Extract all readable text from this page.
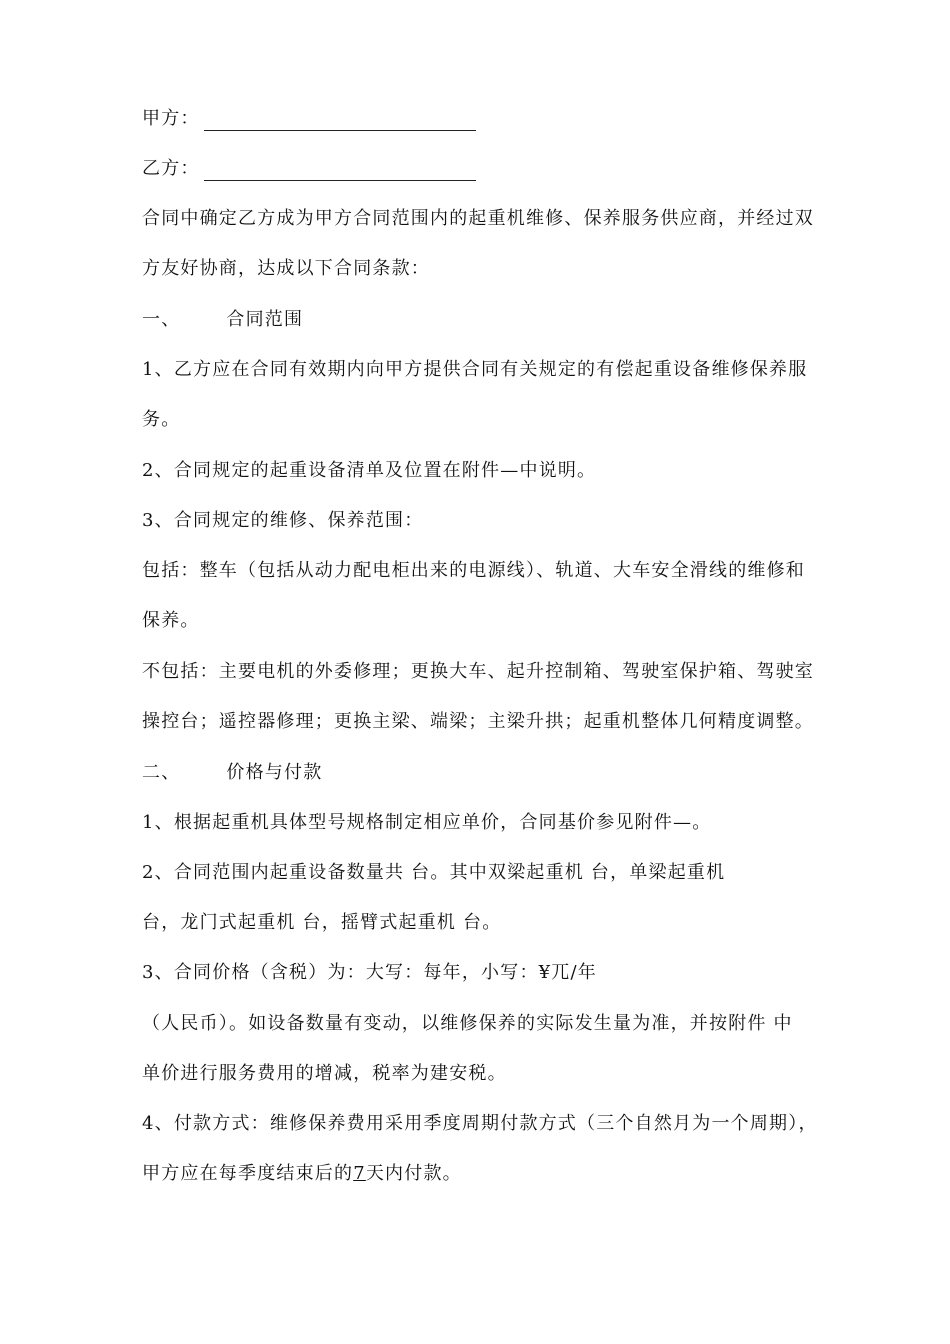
甲方：
乙方：
合同中确定乙方成为甲方合同范围内的起重机维修、保养服务供应商，并经过双
方友好协商，达成以下合同条款：
一、	合同范围
1、乙方应在合同有效期内向甲方提供合同有关规定的有偿起重设备维修保养服
务。
2、合同规定的起重设备清单及位置在附件—中说明。
3、合同规定的维修、保养范围：
包括：整车（包括从动力配电柜出来的电源线）、轨道、大车安全滑线的维修和
保养。
不包括：主要电机的外委修理；更换大车、起升控制箱、驾驶室保护箱、驾驶室
操控台；遥控器修理；更换主梁、端梁；主梁升拱；起重机整体几何精度调整。
二、	价格与付款
1、根据起重机具体型号规格制定相应单价，合同基价参见附件—。
2、合同范围内起重设备数量共 台。其中双梁起重机 台，单梁起重机
台，龙门式起重机 台，摇臂式起重机 台。
3、合同价格（含税）为：大写：每年，小写：¥兀/年
（人民币）。如设备数量有变动，以维修保养的实际发生量为准，并按附件 中
单价进行服务费用的增减，税率为建安税。
4、付款方式：维修保养费用采用季度周期付款方式（三个自然月为一个周期），
甲方应在每季度结束后的7天内付款。
